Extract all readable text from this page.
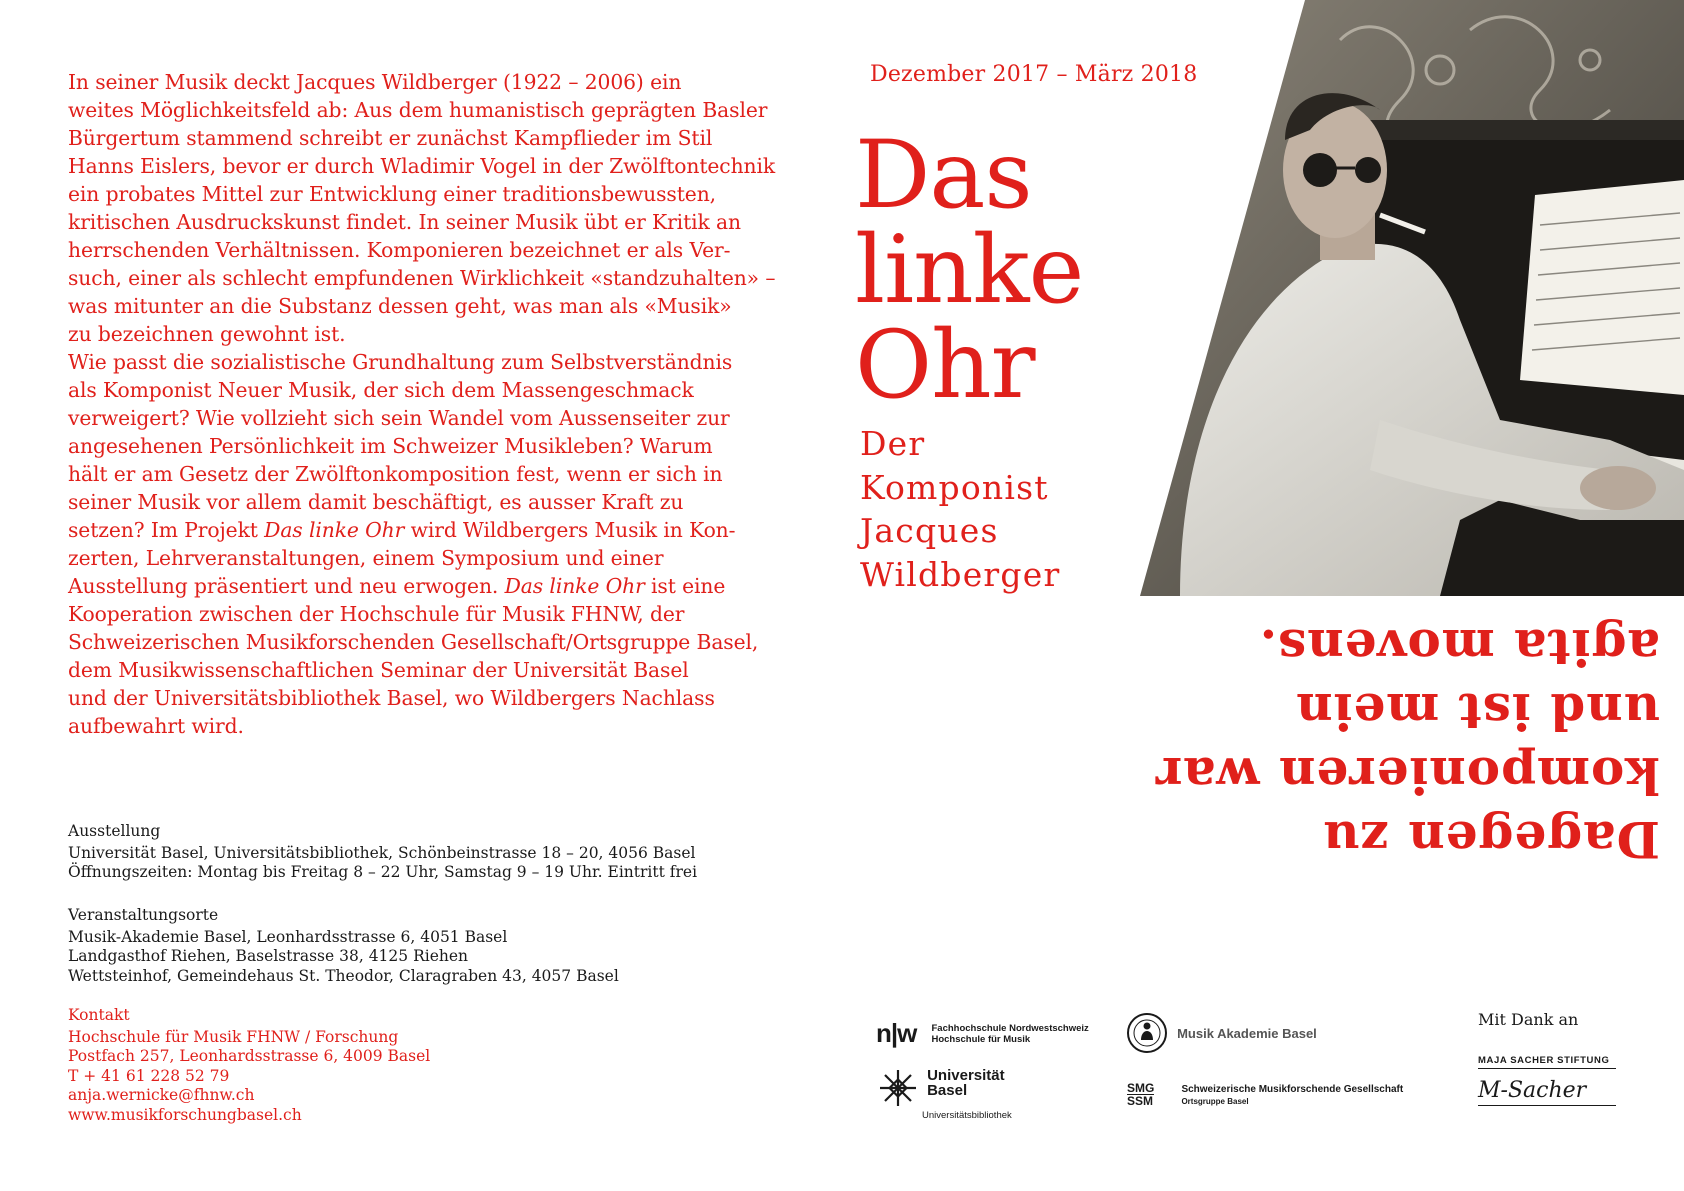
In seiner Musik deckt Jacques Wildberger (1922 – 2006) ein
weites Möglichkeitsfeld ab: Aus dem humanistisch geprägten Basler
Bürgertum stammend schreibt er zunächst Kampflieder im Stil
Hanns Eislers, bevor er durch Wladimir Vogel in der Zwölftontechnik
ein probates Mittel zur Entwicklung einer traditionsbewussten,
kritischen Ausdruckskunst findet. In seiner Musik übt er Kritik an
herrschenden Verhältnissen. Komponieren bezeichnet er als Ver-
such, einer als schlecht empfundenen Wirklichkeit «standzuhalten» –
was mitunter an die Substanz dessen geht, was man als «Musik»
zu bezeichnen gewohnt ist.
Wie passt die sozialistische Grundhaltung zum Selbstverständnis
als Komponist Neuer Musik, der sich dem Massengeschmack
verweigert? Wie vollzieht sich sein Wandel vom Aussenseiter zur
angesehenen Persönlichkeit im Schweizer Musikleben? Warum
hält er am Gesetz der Zwölftonkomposition fest, wenn er sich in
seiner Musik vor allem damit beschäftigt, es ausser Kraft zu
setzen? Im Projekt Das linke Ohr wird Wildbergers Musik in Kon-
zerten, Lehrveranstaltungen, einem Symposium und einer
Ausstellung präsentiert und neu erwogen. Das linke Ohr ist eine
Kooperation zwischen der Hochschule für Musik FHNW, der
Schweizerischen Musikforschenden Gesellschaft/Ortsgruppe Basel,
dem Musikwissenschaftlichen Seminar der Universität Basel
und der Universitätsbibliothek Basel, wo Wildbergers Nachlass
aufbewahrt wird.
Ausstellung
Universität Basel, Universitätsbibliothek, Schönbeinstrasse 18 – 20, 4056 Basel
Öffnungszeiten: Montag bis Freitag 8 – 22 Uhr, Samstag 9 – 19 Uhr. Eintritt frei
Veranstaltungsorte
Musik-Akademie Basel, Leonhardsstrasse 6, 4051 Basel
Landgasthof Riehen, Baselstrasse 38, 4125 Riehen
Wettsteinhof, Gemeindehaus St. Theodor, Claragraben 43, 4057 Basel
Kontakt
Hochschule für Musik FHNW / Forschung
Postfach 257, Leonhardsstrasse 6, 4009 Basel
T + 41 61 228 52 79
anja.wernicke@fhnw.ch
www.musikforschungbasel.ch
Dezember 2017 – März 2018
Das
linke
Ohr
Der
Komponist
Jacques
Wildberger
Dagegen zu
komponieren war
und ist mein
agita movens.
n|w Fachhochschule Nordwestschweiz
Hochschule für Musik	Musik Akademie Basel

Universität
Basel
Universitätsbibliothek
SMG
SSM

Schweizerische Musikforschende Gesellschaft
Ortsgruppe Basel
Mit Dank an
MAJA SACHER STIFTUNG
M-Sacher
